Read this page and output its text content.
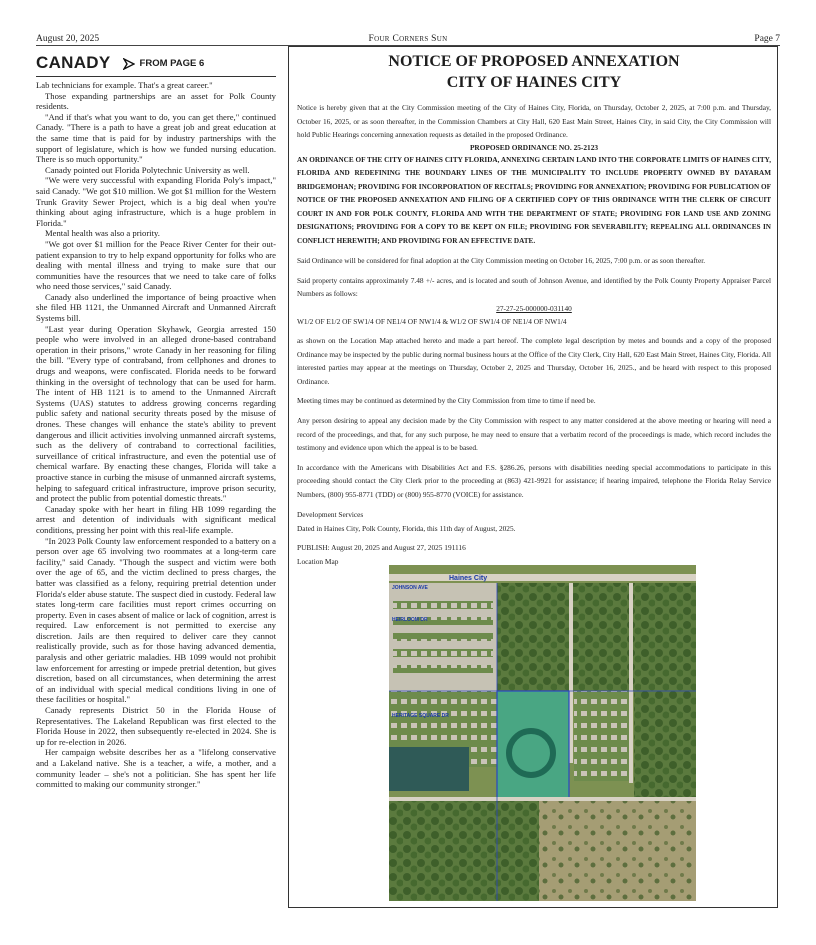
August 20, 2025	Four Corners Sun	Page 7
CANADY	FROM PAGE 6

Lab technicians for example. That's a great career."

Those expanding partnerships are an asset for Polk County residents.

"And if that's what you want to do, you can get there," continued Canady. "There is a path to have a great job and great education at the same time that is paid for by industry partnerships with the support of legislature, which is how we funded nursing education. There is so much opportunity."

Canady pointed out Florida Polytechnic University as well.

"We were very successful with expanding Florida Poly's impact," said Canady. "We got $10 million. We got $1 million for the Western Trunk Gravity Sewer Project, which is a big deal when you're thinking about aging infrastructure, which is a huge problem in Florida."

Mental health was also a priority.

"We got over $1 million for the Peace River Center for their out-patient expansion to try to help expand opportunity for folks who are dealing with mental illness and trying to make sure that our communities have the resources that we need to take care of folks who need those services," said Canady.

Canady also underlined the importance of being proactive when she filed HB 1121, the Unmanned Aircraft and Unmanned Aircraft Systems bill.

"Last year during Operation Skyhawk, Georgia arrested 150 people who were involved in an alleged drone-based contraband operation in their prisons," wrote Canady in her reasoning for filing the bill. "Every type of contraband, from cellphones and drones to drugs and weapons, were confiscated. Florida needs to be forward thinking in the oversight of technology that can be used for harm. The intent of HB 1121 is to amend to the Unmanned Aircraft Systems (UAS) statutes to address growing concerns regarding public safety and national security threats posed by the misuse of drones. These changes will enhance the state's ability to prevent dangerous and illicit activities involving unmanned aircraft systems, such as the delivery of contraband to correctional facilities, surveillance of critical infrastructure, and even the potential use of chemical warfare. By enacting these changes, Florida will take a proactive stance in curbing the misuse of unmanned aircraft systems, helping to safeguard critical infrastructure, improve prison security, and protect the public from potential domestic threats."

Canaday spoke with her heart in filing HB 1099 regarding the arrest and detention of individuals with significant medical conditions, pressing her point with this real-life example.

"In 2023 Polk County law enforcement responded to a battery on a person over age 65 involving two roommates at a long-term care facility," said Canady. "Though the suspect and victim were both over the age of 65, and the victim declined to press charges, the batter was classified as a felony, requiring pretrial detention under Florida's elder abuse statute. The suspect died in custody. Federal law states long-term care facilities must report crimes occurring on property. Even in cases absent of malice or lack of cognition, arrest is required. Law enforcement is not permitted to exercise any discretion. Jails are then required to deliver care they cannot realistically provide, such as for those having advanced dementia, paralysis and other geriatric maladies. HB 1099 would not prohibit law enforcement for arresting or impede pretrial detention, but gives discretion, based on all circumstances, when determining the arrest of an individual with special medical conditions living in one of these facilities or hospital."

Canady represents District 50 in the Florida House of Representatives. The Lakeland Republican was first elected to the Florida House in 2022, then subsequently re-elected in 2024. She is up for re-election in 2026.

Her campaign website describes her as a "lifelong conservative and a Lakeland native. She is a teacher, a wife, a mother, and a community leader – she's not a politician. She has spent her life committed to making our community stronger."

NOTICE OF PROPOSED ANNEXATION
CITY OF HAINES CITY

Notice is hereby given that at the City Commission meeting of the City of Haines City, Florida, on Thursday, October 2, 2025, at 7:00 p.m. and Thursday, October 16, 2025, or as soon thereafter, in the Commission Chambers at City Hall, 620 East Main Street, Haines City, in said City, the City Commission will hold Public Hearings concerning annexation requests as detailed in the proposed Ordinance.

PROPOSED ORDINANCE NO. 25-2123

AN ORDINANCE OF THE CITY OF HAINES CITY FLORIDA, ANNEXING CERTAIN LAND INTO THE CORPORATE LIMITS OF HAINES CITY, FLORIDA AND REDEFINING THE BOUNDARY LINES OF THE MUNICIPALITY TO INCLUDE PROPERTY OWNED BY DAYARAM BRIDGEMOHAN; PROVIDING FOR INCORPORATION OF RECITALS; PROVIDING FOR ANNEXATION; PROVIDING FOR PUBLICATION OF NOTICE OF THE PROPOSED ANNEXATION AND FILING OF A CERTIFIED COPY OF THIS ORDINANCE WITH THE CLERK OF CIRCUIT COURT IN AND FOR POLK COUNTY, FLORIDA AND WITH THE DEPARTMENT OF STATE; PROVIDING FOR LAND USE AND ZONING DESIGNATIONS; PROVIDING FOR A COPY TO BE KEPT ON FILE; PROVIDING FOR SEVERABILITY; REPEALING ALL ORDINANCES IN CONFLICT HEREWITH; AND PROVIDING FOR AN EFFECTIVE DATE.

Said Ordinance will be considered for final adoption at the City Commission meeting on October 16, 2025, 7:00 p.m. or as soon thereafter.

Said property contains approximately 7.48 +/- acres, and is located and south of Johnson Avenue, and identified by the Polk County Property Appraiser Parcel Numbers as follows:

27-27-25-000000-031140

W1/2 OF E1/2 OF SW1/4 OF NE1/4 OF NW1/4 & W1/2 OF SW1/4 OF NE1/4 OF NW1/4

as shown on the Location Map attached hereto and made a part hereof. The complete legal description by metes and bounds and a copy of the proposed Ordinance may be inspected by the public during normal business hours at the Office of the City Clerk, City Hall, 620 East Main Street, Haines City, Florida. All interested parties may appear at the meetings on Thursday, October 2, 2025 and Thursday, October 16, 2025., and be heard with respect to this proposed Ordinance.

Meeting times may be continued as determined by the City Commission from time to time if need be.

Any person desiring to appeal any decision made by the City Commission with respect to any matter considered at the above meeting or hearing will need a record of the proceedings, and that, for any such purpose, he may need to ensure that a verbatim record of the proceedings is made, which record includes the testimony and evidence upon which the appeal is to be based.

In accordance with the Americans with Disabilities Act and F.S. §286.26, persons with disabilities needing special accommodations to participate in this proceeding should contact the City Clerk prior to the proceeding at (863) 421-9921 for assistance; if hearing impaired, telephone the Florida Relay Service Numbers, (800) 955-8771 (TDD) or (800) 955-8770 (VOICE) for assistance.

Development Services

Dated in Haines City, Polk County, Florida, this 11th day of August, 2025.

PUBLISH: August 20, 2025 and August 27, 2025 191116

Location Map

Haines City
JOHNSON AVE
HEIRLOOM DR
HERITAGE SQUARE DR
